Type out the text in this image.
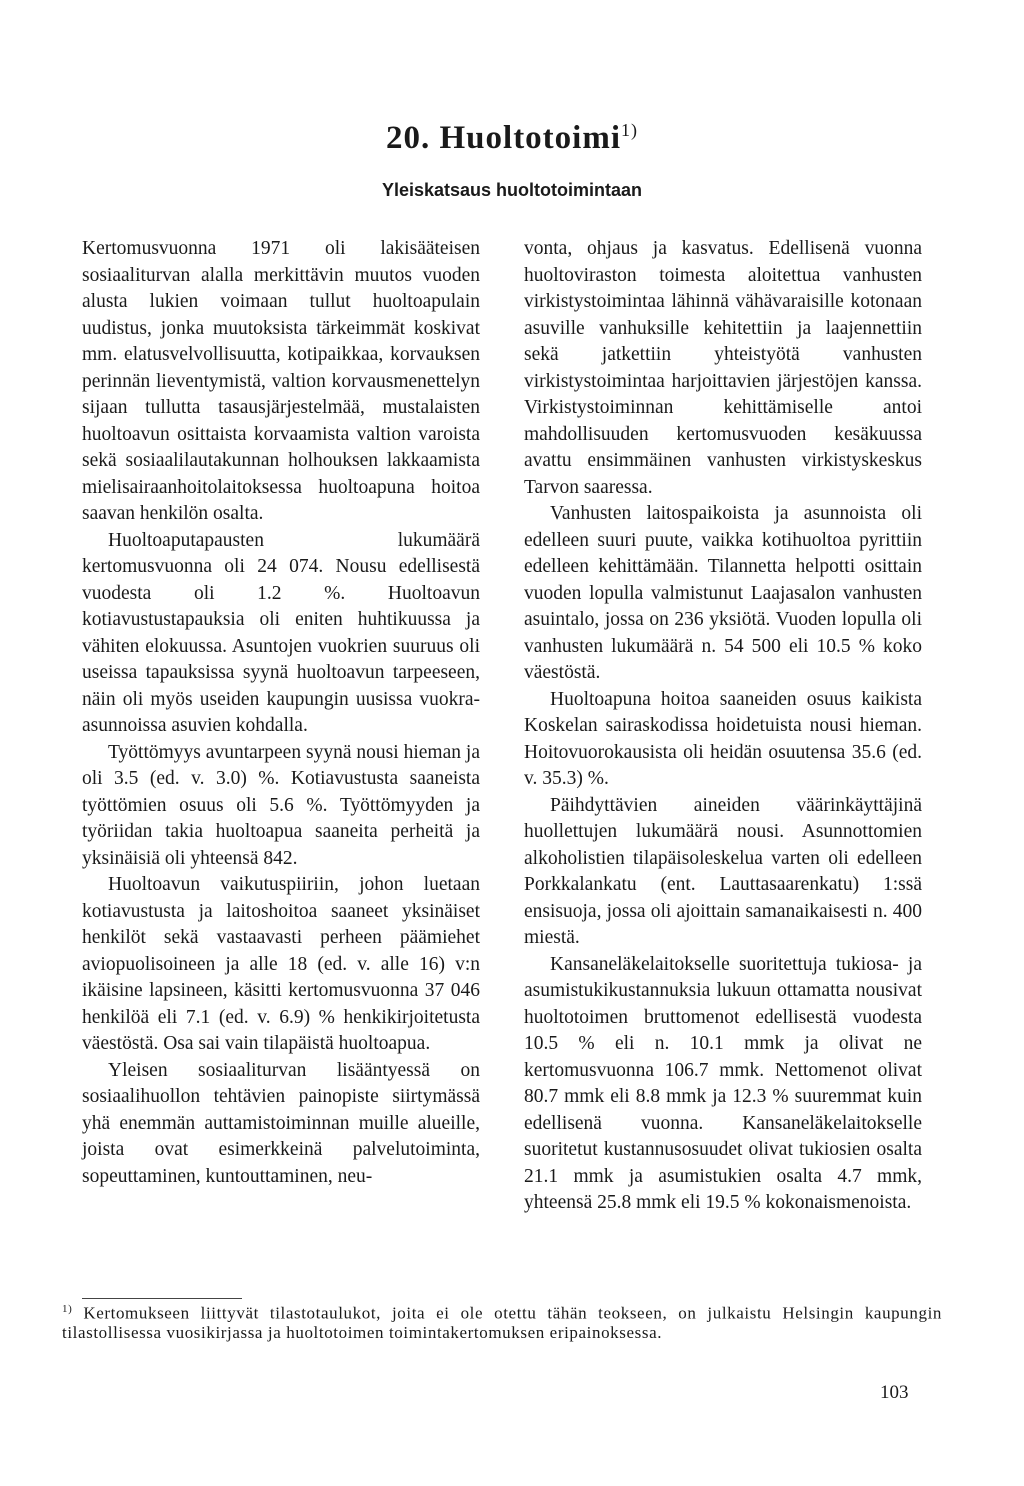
20. Huoltotoimi$^{1)}$
Yleiskatsaus huoltotoimintaan

Kertomusvuonna 1971 oli lakisääteisen sosiaaliturvan alalla merkittävin muutos vuoden alusta lukien voimaan tullut huoltoapulain uudistus, jonka muutoksista tärkeimmät koskivat mm. elatusvelvollisuutta, kotipaikkaa, korvauksen perinnän lieventymistä, valtion korvausmenettelyn sijaan tullutta tasausjärjestelmää, mustalaisten huoltoavun osittaista korvaamista valtion varoista sekä sosiaalilautakunnan holhouksen lakkaamista mielisairaanhoitolaitoksessa huoltoapuna hoitoa saavan henkilön osalta.

Huoltoaputapausten lukumäärä kertomusvuonna oli 24 074. Nousu edellisestä vuodesta oli 1.2 %. Huoltoavun kotiavustustapauksia oli eniten huhtikuussa ja vähiten elokuussa. Asuntojen vuokrien suuruus oli useissa tapauksissa syynä huoltoavun tarpeeseen, näin oli myös useiden kaupungin uusissa vuokra-asunnoissa asuvien kohdalla.

Työttömyys avuntarpeen syynä nousi hieman ja oli 3.5 (ed. v. 3.0) %. Kotiavustusta saaneista työttömien osuus oli 5.6 %. Työttömyyden ja työriidan takia huoltoapua saaneita perheitä ja yksinäisiä oli yhteensä 842.

Huoltoavun vaikutuspiiriin, johon luetaan kotiavustusta ja laitoshoitoa saaneet yksinäiset henkilöt sekä vastaavasti perheen päämiehet aviopuolisoineen ja alle 18 (ed. v. alle 16) v:n ikäisine lapsineen, käsitti kertomusvuonna 37 046 henkilöä eli 7.1 (ed. v. 6.9) % henkikirjoitetusta väestöstä. Osa sai vain tilapäistä huoltoapua.

Yleisen sosiaaliturvan lisääntyessä on sosiaalihuollon tehtävien painopiste siirtymässä yhä enemmän auttamistoiminnan muille alueille, joista ovat esimerkkeinä palvelutoiminta, sopeuttaminen, kuntouttaminen, neu-

vonta, ohjaus ja kasvatus. Edellisenä vuonna huoltoviraston toimesta aloitettua vanhusten virkistystoimintaa lähinnä vähävaraisille kotonaan asuville vanhuksille kehitettiin ja laajennettiin sekä jatkettiin yhteistyötä vanhusten virkistystoimintaa harjoittavien järjestöjen kanssa. Virkistystoiminnan kehittämiselle antoi mahdollisuuden kertomusvuoden kesäkuussa avattu ensimmäinen vanhusten virkistyskeskus Tarvon saaressa.

Vanhusten laitospaikoista ja asunnoista oli edelleen suuri puute, vaikka kotihuoltoa pyrittiin edelleen kehittämään. Tilannetta helpotti osittain vuoden lopulla valmistunut Laajasalon vanhusten asuintalo, jossa on 236 yksiötä. Vuoden lopulla oli vanhusten lukumäärä n. 54 500 eli 10.5 % koko väestöstä.

Huoltoapuna hoitoa saaneiden osuus kaikista Koskelan sairaskodissa hoidetuista nousi hieman. Hoitovuorokausista oli heidän osuutensa 35.6 (ed. v. 35.3) %.

Päihdyttävien aineiden väärinkäyttäjinä huollettujen lukumäärä nousi. Asunnottomien alkoholistien tilapäisoleskelua varten oli edelleen Porkkalankatu (ent. Lauttasaarenkatu) 1:ssä ensisuoja, jossa oli ajoittain samanaikaisesti n. 400 miestä.

Kansaneläkelaitokselle suoritettuja tukiosa- ja asumistukikustannuksia lukuun ottamatta nousivat huoltotoimen bruttomenot edellisestä vuodesta 10.5 % eli n. 10.1 mmk ja olivat ne kertomusvuonna 106.7 mmk. Nettomenot olivat 80.7 mmk eli 8.8 mmk ja 12.3 % suuremmat kuin edellisenä vuonna. Kansaneläkelaitokselle suoritetut kustannusosuudet olivat tukiosien osalta 21.1 mmk ja asumistukien osalta 4.7 mmk, yhteensä 25.8 mmk eli 19.5 % kokonaismenoista.

$^{1)}$ Kertomukseen liittyvät tilastotaulukot, joita ei ole otettu tähän teokseen, on julkaistu Helsingin kaupungin tilastollisessa vuosikirjassa ja huoltotoimen toimintakertomuksen eripainoksessa.
103
